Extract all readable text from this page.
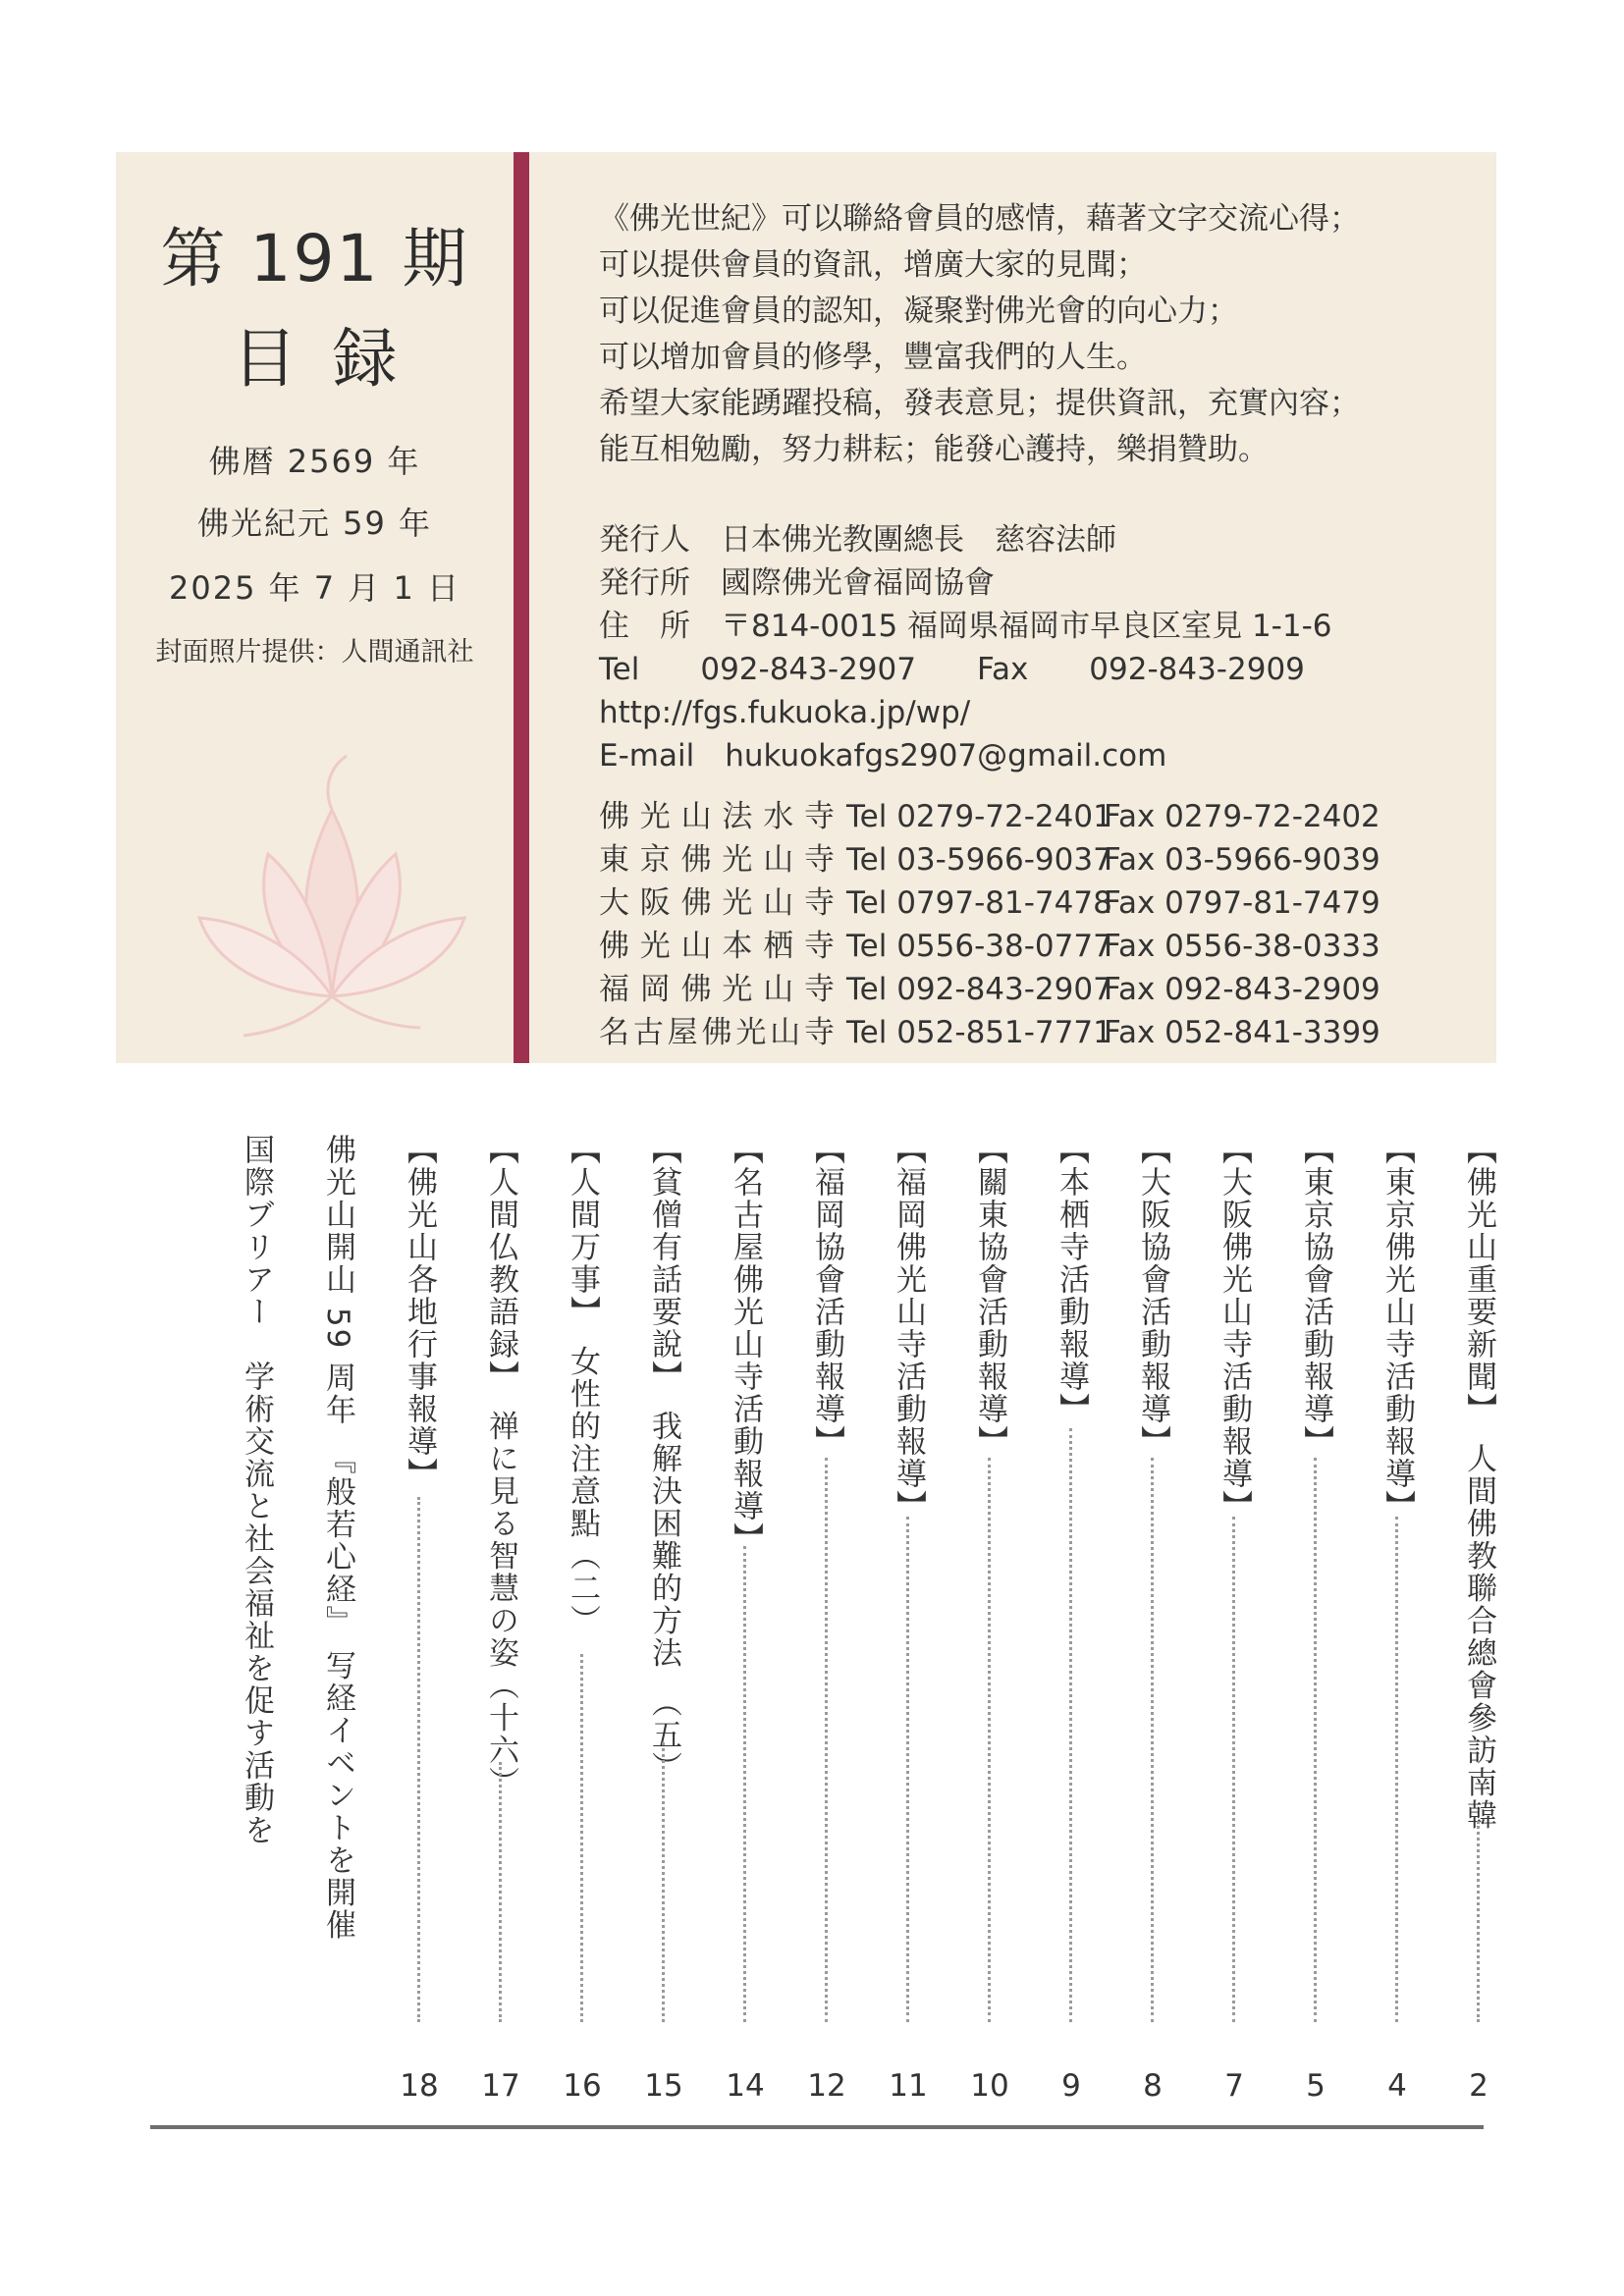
第 191 期
目録
佛暦 2569 年
佛光紀元 59 年
2025 年 7 月 1 日
封面照片提供：人間通訊社
《佛光世紀》可以聯絡會員的感情，藉著文字交流心得；
可以提供會員的資訊，增廣大家的見聞；
可以促進會員的認知，凝聚對佛光會的向心力；
可以增加會員的修學，豐富我們的人生。
希望大家能踴躍投稿，發表意見；提供資訊，充實內容；
能互相勉勵，努力耕耘；能發心護持，樂捐贊助。
発行人　日本佛光教團總長　慈容法師
発行所　國際佛光會福岡協會
住　所　〒814-0015 福岡県福岡市早良区室見 1-1-6
Tel　　092-843-2907　　Fax　　092-843-2909
http://fgs.fukuoka.jp/wp/
E-mail　hukuokafgs2907@gmail.com
佛光山法水寺 Tel 0279-72-2401
Fax 0279-72-2402
東京佛光山寺 Tel 03-5966-9037
Fax 03-5966-9039
大阪佛光山寺 Tel 0797-81-7478
Fax 0797-81-7479
佛光山本栖寺 Tel 0556-38-0777
Fax 0556-38-0333
福岡佛光山寺 Tel 092-843-2907
Fax 092-843-2909
名古屋佛光山寺 Tel 052-851-7771
Fax 052-841-3399
【佛光山重要新聞】　人間佛教聯合總會參訪南韓
2
【東京佛光山寺活動報導】
4
【東京協會活動報導】
5
【大阪佛光山寺活動報導】
7
【大阪協會活動報導】
8
【本栖寺活動報導】
9
【關東協會活動報導】
10
【福岡佛光山寺活動報導】
11
【福岡協會活動報導】
12
【名古屋佛光山寺活動報導】
14
【貧僧有話要說】　我解決困難的方法　（五）
15
【人間万事】　女性的注意點（二）
16
【人間仏教語録】　禅に見る智慧の姿（十六）
17
【佛光山各地行事報導】
18
佛光山開山 59 周年　『般若心経』 写経イベントを開催
国際ブリアー　学術交流と社会福祉を促す活動を
